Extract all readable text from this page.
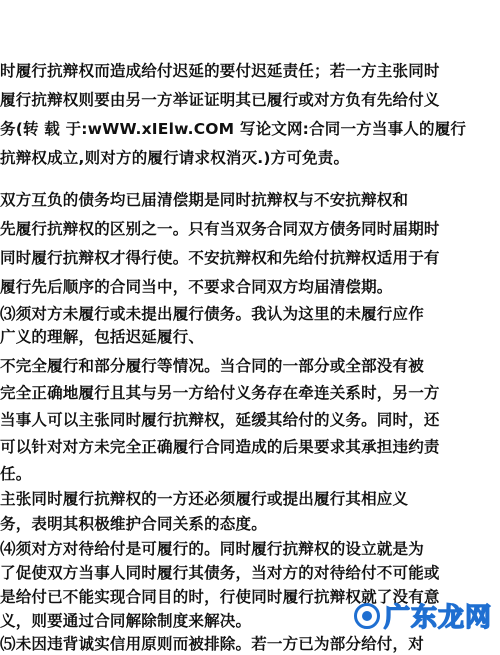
时履行抗辩权而造成给付迟延的要付迟延责任；若一方主张同时
履行抗辩权则要由另一方举证证明其已履行或对方负有先给付义
务(转 载 于:wWW.xIElw.COM 写论文网:合同一方当事人的履行
抗辩权成立,则对方的履行请求权消灭.)方可免责。
双方互负的债务均已届清偿期是同时抗辩权与不安抗辩权和
先履行抗辩权的区别之一。只有当双务合同双方债务同时届期时
同时履行抗辩权才得行使。不安抗辩权和先给付抗辩权适用于有
履行先后顺序的合同当中，不要求合同双方均届清偿期。
⑶须对方未履行或未提出履行债务。我认为这里的未履行应作
广义的理解，包括迟延履行、
不完全履行和部分履行等情况。当合同的一部分或全部没有被
完全正确地履行且其与另一方给付义务存在牵连关系时，另一方
当事人可以主张同时履行抗辩权，延缓其给付的义务。同时，还
可以针对对方未完全正确履行合同造成的后果要求其承担违约责
任。
主张同时履行抗辩权的一方还必须履行或提出履行其相应义
务，表明其积极维护合同关系的态度。
⑷须对方对待给付是可履行的。同时履行抗辩权的设立就是为
了促使双方当事人同时履行其债务，当对方的对待给付不可能或
是给付已不能实现合同目的时，行使同时履行抗辩权就了没有意
义，则要通过合同解除制度来解决。
⑸未因违背诚实信用原则而被排除。若一方已为部分给付，对
广东龙网
